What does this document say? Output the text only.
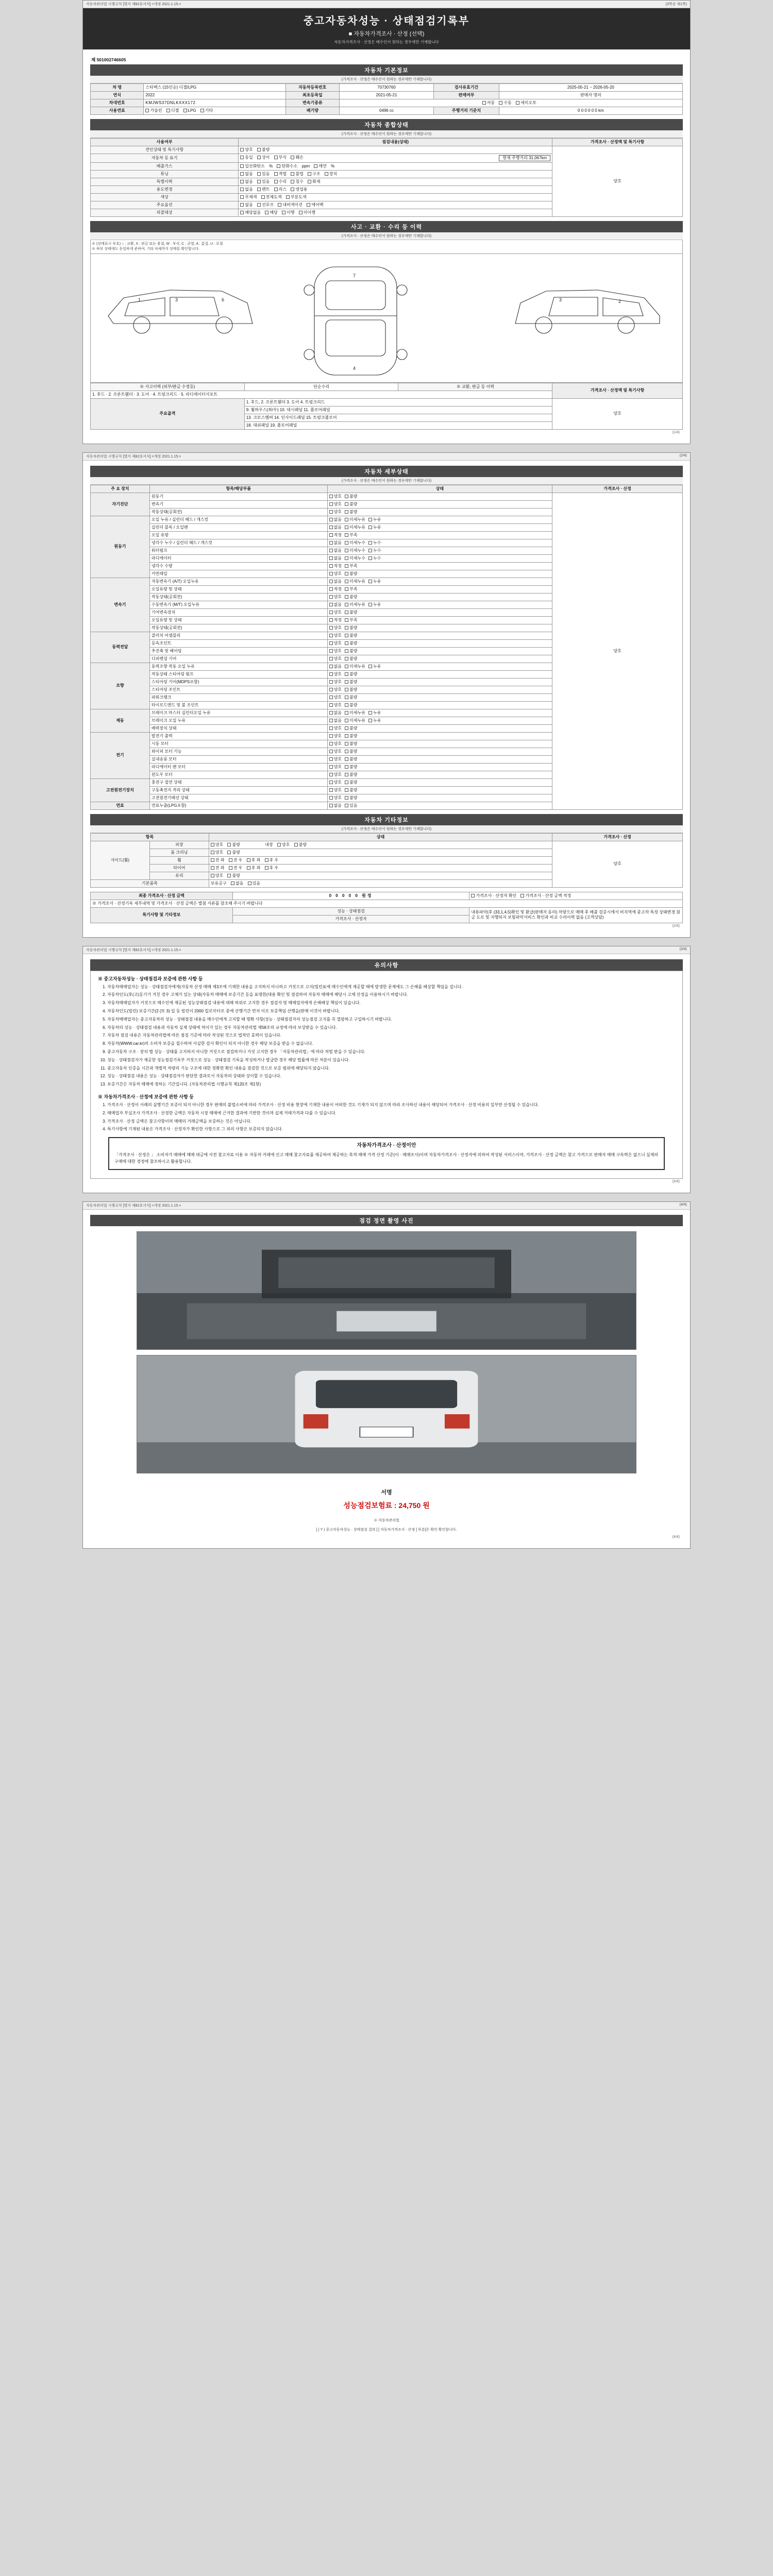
자동차관리법 시행규칙 [별지 제82호서식] <개정 2021.1.15.>	(3쪽중 제1쪽)
중고자동차성능 · 상태점검기록부
■ 자동차가격조사 · 산정 (선택)
자동차가격조사 · 산정은 매수인이 원하는 경우에만 기재합니다
제 501002746605
자동차 기본정보
(가격조사 · 산정은 매수인이 원하는 경우에만 기재합니다)
차 명	스타렉스 (15인승) 디젤/LPG	자동차등록번호	70730760	검사유효기간	2025-05-21 ~ 2026-05-20
연식	2022	최초등록일	2021-05-21	판매여부	판매자 명의
차대번호	KMJWS37DNLKXXX172	변속기종류	자동 수동 세미오토		
사용연료	가솔린 디젤 LPG 기타	배기량	0496 cc	주행거리 기준치	0 0 0 0 0 0 km
자동차 종합상태
(가격조사 · 산정은 매수인이 원하는 경우에만 기재합니다)
사용여부	점검내용(상태)	가격조사 · 산정액 및 특기사항
견인상태 및 특기사항	양호 불량	양호
자동차 등 표기	동일 상이 부식 훼손 현재 주행거리 31,067km	

배출가스	일산화탄소 % 탄화수소 ppm 매연 %	
튜닝	없음 있음 적법 불법 구조 장치	
특별이력	없음 있음 수리 침수 화재	
용도변경	없음 렌트 리스 영업용	
색상	무채색 전체도색 부분도색	
주요옵션	없음 선루프 내비게이션 에어백	
리콜대상	해당없음 해당 이행 미이행	
사고 · 교환 · 수리 등 이력
(가격조사 · 산정은 매수인이 원하는 경우에만 기재합니다)
※ (상태표시 부호) ○ : 교환, X : 판금 또는 용접, W : 부식, C : 균열, A : 흠집, U : 요철
※ 하부 상태에도 동일하게 준하여, 기타 차체까지 상태를 확인합니다.
1	3	6
7
4
3	2
※ 사고이력 (외부/판금 수정등)	단순수리	※ 교환, 판금 등 이력	가격조사 · 산정액 및 특기사항
1. 후드 · 2. 프론트휀더 · 3. 도어 · 4. 트렁크리드 · 5. 라디에이터서포트			
주요골격	1. 후드, 2. 프론트휀더 3. 도어 4. 트렁크리드		양호
	9. 휠하우스(좌/우) 10. 대시패널 11. 플로어패널		
	13. 크로스멤버 14. 인사이드패널 15. 트렁크플로어		
	18. 대쉬패널 19. 플로어패널		
(1/4)
자동차관리법 시행규칙 [별지 제82호서식] <개정 2021.1.15.>	(2/4)
자동차 세부상태
(가격조사 · 산정은 매수인이 원하는 경우에만 기재합니다)
주 요 장치	항목/해당부품	상태	가격조사 · 산정
자기진단	원동기	양호 불량	양호
	변속기	양호 불량	
	작동상태(공회전)	양호 불량	
원동기	오일 누유 / 실린더 헤드 / 개스킷	없음 미세누유 누유	
	실린더 블록 / 오일팬	없음 미세누유 누유	
	오일 유량	적정 부족	
	냉각수 누수 / 실린더 헤드 / 개스킷	없음 미세누수 누수	
	워터펌프	없음 미세누수 누수	
	라디에이터	없음 미세누수 누수	
	냉각수 수량	적정 부족	
	커먼레일	양호 불량	
변속기	자동변속기 (A/T) 오일누유	없음 미세누유 누유	
	오일유량 및 상태	적정 부족	
	작동상태(공회전)	양호 불량	
	수동변속기 (M/T) 오일누유	없음 미세누유 누유	
	기어변속장치	양호 불량	
	오일유량 및 상태	적정 부족	
	작동상태(공회전)	양호 불량	
동력전달	클러치 어셈블리	양호 불량	
	등속조인트	양호 불량	
	추진축 및 베어링	양호 불량	
	디퍼렌셜 기어	양호 불량	
조향	동력조향 작동 오일 누유	없음 미세누유 누유	
	작동상태 스티어링 펌프	양호 불량	
	스티어링 기어(MDPS포함)	양호 불량	
	스티어링 조인트	양호 불량	
	파워크랭크	양호 불량	
	타이로드엔드 및 볼 조인트	양호 불량	
제동	브레이크 마스터 실린더오일 누유	없음 미세누유 누유	
	브레이크 오일 누유	없음 미세누유 누유	
	배력장치 상태	양호 불량	
전기	발전기 출력	양호 불량	
	시동 모터	양호 불량	
	와이퍼 모터 기능	양호 불량	
	실내송풍 모터	양호 불량	
	라디에이터 팬 모터	양호 불량	
	윈도우 모터	양호 불량	
고전원전기장치	충전구 절연 상태	양호 불량	
	구동축전지 격리 상태	양호 불량	
	고전원전기배선 상태	양호 불량	
연료	연료누출(LPG포함)	없음 있음	
자동차 기타정보
(가격조사 · 산정은 매수인이 원하는 경우에만 기재합니다)
항목		상태	가격조사 · 산정
사이드(휠)	외장	양호 불량 내장 양호 불량	양호
	룸 크리닝	양호 불량	
	휠	전 좌 전 우 후 좌 후 우	
	타이어	전 좌 전 우 후 좌 후 우	
	유리	양호 불량	
기본품목		보유공구 없음 있음	
최종 가격조사 · 산정 금액	0 0 0 0 0 원정	가격조사 · 산정자 확인 가격조사 · 산정 금액 적정
※ 가격조사 · 산정기록 세부내역 및 가격조사 · 산정 금액은 별첨 서류를 참조해 주시기 바랍니다		
특기사항 및 기타정보	성능 · 상태점검	내용파악(후 (33,1,4,5)확인 및 환급(판매자 동의) 차량으로 매매 후 배출 검증시에서 비지역에 중고차 특정 상태변경 원금 도로 및 지행되지 보험파악서비스 확인과 비교 수리이력 없음 (고객상담)
	가격조사 · 산정자	
(2/4)
자동차관리법 시행규칙 [별지 제82호서식] <개정 2021.1.15.>	(3/4)
유의사항
※ 중고자동차성능 · 상태점검과 보증에 관한 사항 등
1. 자동차매매업자는 성능 · 상태점검자에게(자동차 산정 매매 제3조에 기재한 내용을 고지하지 아니하고 거짓으로 고지(빌린표에 매수인에게 제공할 때에 발생한 문제에도 그 손해를 배상할 책임을 집니다.
2. 자동차인도(후(고)등기가 거친 경우 고체가 있는 상태(자동차 매매에 보증기간 등을 표명한(대용 확인 및 점검하여 자동차 매매에 해당시 고체 산정을 이용하시기 바랍니다.
3. 자동차매매업자가 거짓으로 매수인에 제공된 성능상태점검 내용에 대해 허위로 고지한 경우 점검자 및 매매업자에게 손해배상 책임이 있습니다.
4. 자동차인도(빌린) 보증기간(2 (또 3) 일 등 빌린이 2000 킬로미터로 중에 산행기간 먼저 이르 보증책임 산행을(판매 이것이 바랍니다.
5. 자동차매매업자는 중고자동차의 성능 · 상태점검 내용을 매수인에게 고지할 때 명확 사항(성능 · 상태점검자의 성능점검 고지를 꼭 열람하고 구입하시기 바랍니다.
6. 자동차의 성능 · 상태점검 내용과 자동차 실제 상태에 차이가 있는 경우 자동차관리법 제58조의 규정에 따라 보상받을 수 있습니다.
7. 자동차 점검 내용은 자동차관리법에 따른 점검 기준에 따라 작성된 것으로 법적인 효력이 있습니다.
8. 자동차(WWW.car.kr)의 소비자 보증을 접수하여 사실한 검사 확인이 되지 아니한 경우 해당 보증을 받을 수 없습니다.
9. 중고자동차 구조 · 장치 별 성능 · 상태를 고지하지 아니한 거짓으로 점검하거나 거짓 고지한 경우 「자동차관리법」에 따라 처벌 받을 수 있습니다.
10. 성능 · 상태점검자가 제공한 성능점검기록부 거짓으로 성능 · 상태점검 기록을 작성하거나 발급한 경우 해당 법률에 따른 처분이 있습니다.
11. 중고자동차 인증을 시간과 개별적 차량의 기능 구조에 대한 정확한 확인 내용을 점검한 것으로 보증 범위에 해당되지 않습니다.
12. 성능 · 상태점검 내용은 성능 · 상태점검자가 판단한 결과로서 자동차의 상태와 상이할 수 있습니다.
13. 보증기간은 자동차 매매에 정하는 기간입니다. (자동차관리법 시행규칙 제120조 제1항)
※ 자동차가격조사 · 산정에 보증에 관한 사항 등
1. 가격조사 · 산정이 사례의 실행기간 보증이 되지 아니한 경우 판매의 불법소비에 따라 가격조사 · 산정 비용 현장에 기재한 내용이 어떠한 것도 기재가 되지 않으며 따라 조사하신 내용이 해당되어 가격조사 · 산정 비용의 일부만 산정될 수 있습니다.
2. 매매업자 부실조사 가격조사 · 산정한 금액은 자동차 시장 매매에 근거한 결과에 기반한 것이며 실제 거래가격과 다를 수 있습니다.
3. 가격조사 · 산정 금액은 참고사항이며 매매의 거래금액을 보증하는 것은 아닙니다.
4. 특기사항에 기재된 내용은 가격조사 · 산정자가 확인한 사항으로 그 외의 사항은 보증되지 않습니다.
자동차가격조사 · 산정이안
「가격조사 · 산정은 」 소비자가 매매에 매매 대금에 사전 참고자료 이용 ※ 자동차 거래에 신고 매매 참고자료를 제공하여 제공하는 목적 매매 가격 산정 기준(이 · 매매조사)이며 자동차가격조사 · 산정자에 의하여 작성된 서비스이며, 가격조사 · 산정 금액은 참고 가격으로 판매자 매매 구속력은 없으니 실제의 구매에 대한 경정에 참조하시고 활용합니다.
(3/4)
자동차관리법 시행규칙 [별지 제82호서식] <개정 2021.1.15.>	(4/4)
점검 정면 촬영 사진
서명
성능점검보험료 : 24,750 원
※ 자동차관리법
[ ( Y ) 중고자동차성능 · 상태점검 결과 ] [ 자동차가격조사 · 산정 ] 부분[은 확인 확인합니다.
(4/4)
